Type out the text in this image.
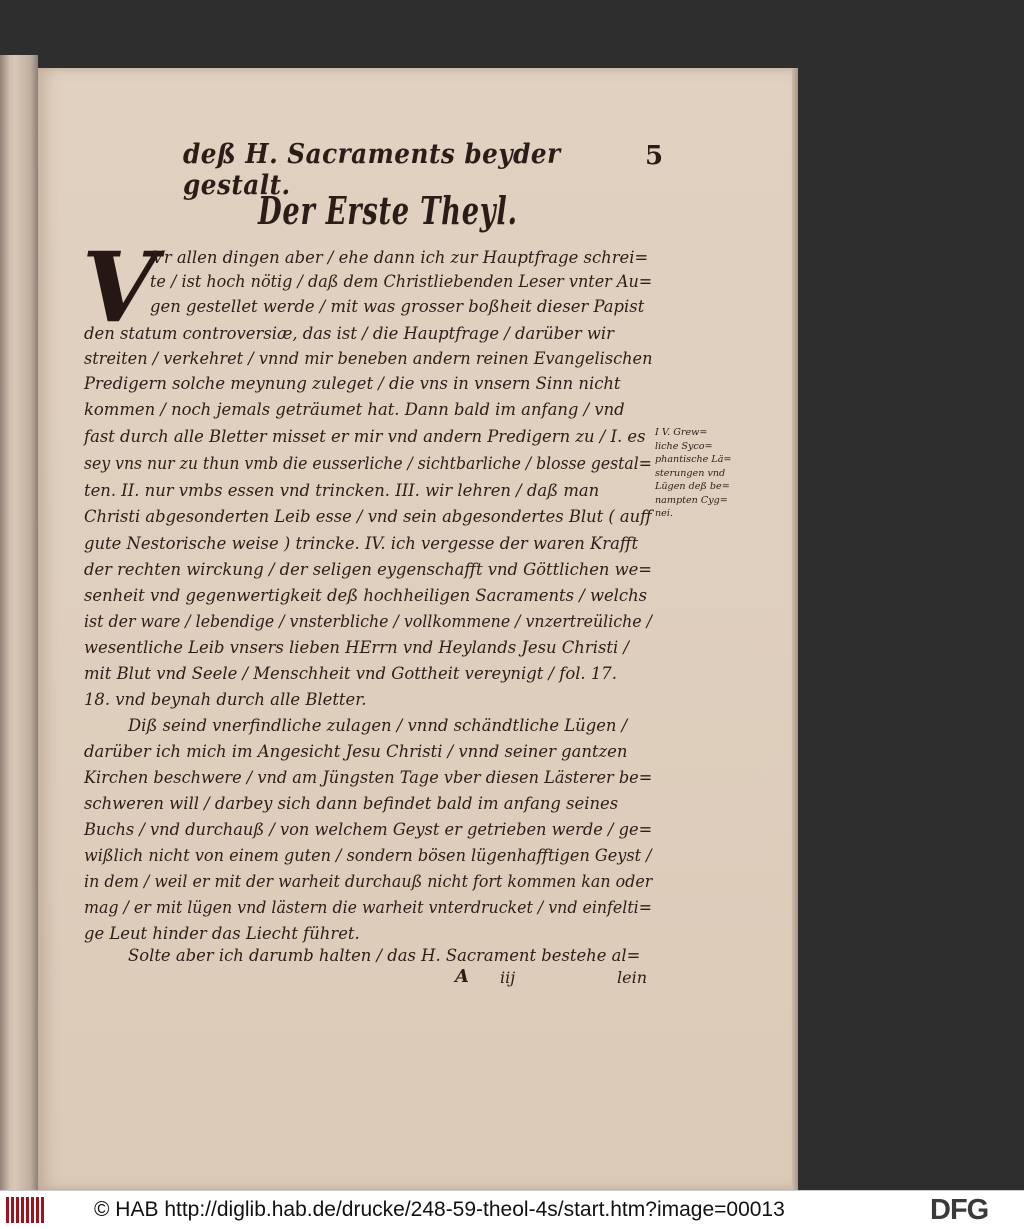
deß H. Sacraments beyder gestalt.
5
Der Erste Theyl.
V
Vr allen dingen aber / ehe dann ich zur Hauptfrage schrei=
te / ist hoch nötig / daß dem Christliebenden Leser vnter Au=
gen gestellet werde / mit was grosser boßheit dieser Papist
den statum controversiæ, das ist / die Hauptfrage / darüber wir
streiten / verkehret / vnnd mir beneben andern reinen Evangelischen
Predigern solche meynung zuleget / die vns in vnsern Sinn nicht
kommen / noch jemals geträumet hat. Dann bald im anfang / vnd
fast durch alle Bletter misset er mir vnd andern Predigern zu / I. es
sey vns nur zu thun vmb die eusserliche / sichtbarliche / blosse gestal=
ten. II. nur vmbs essen vnd trincken. III. wir lehren / daß man
Christi abgesonderten Leib esse / vnd sein abgesondertes Blut ( auff
gute Nestorische weise ) trincke. IV. ich vergesse der waren Krafft
der rechten wirckung / der seligen eygenschafft vnd Göttlichen we=
senheit vnd gegenwertigkeit deß hochheiligen Sacraments / welchs
ist der ware / lebendige / vnsterbliche / vollkommene / vnzertreüliche /
wesentliche Leib vnsers lieben HErrn vnd Heylands Jesu Christi /
mit Blut vnd Seele / Menschheit vnd Gottheit vereynigt / fol. 17.
18. vnd beynah durch alle Bletter.
Diß seind vnerfindliche zulagen / vnnd schändtliche Lügen /
darüber ich mich im Angesicht Jesu Christi / vnnd seiner gantzen
Kirchen beschwere / vnd am Jüngsten Tage vber diesen Lästerer be=
schweren will / darbey sich dann befindet bald im anfang seines
Buchs / vnd durchauß / von welchem Geyst er getrieben werde / ge=
wißlich nicht von einem guten / sondern bösen lügenhafftigen Geyst /
in dem / weil er mit der warheit durchauß nicht fort kommen kan oder
mag / er mit lügen vnd lästern die warheit vnterdrucket / vnd einfelti=
ge Leut hinder das Liecht führet.
Solte aber ich darumb halten / das H. Sacrament bestehe al=
I V. Grew=
liche Syco=
phantische Lä=
sterungen vnd
Lügen deß be=
nampten Cyg=
nei.
A iij	lein
© HAB http://diglib.hab.de/drucke/248-59-theol-4s/start.htm?image=00013	DFG
